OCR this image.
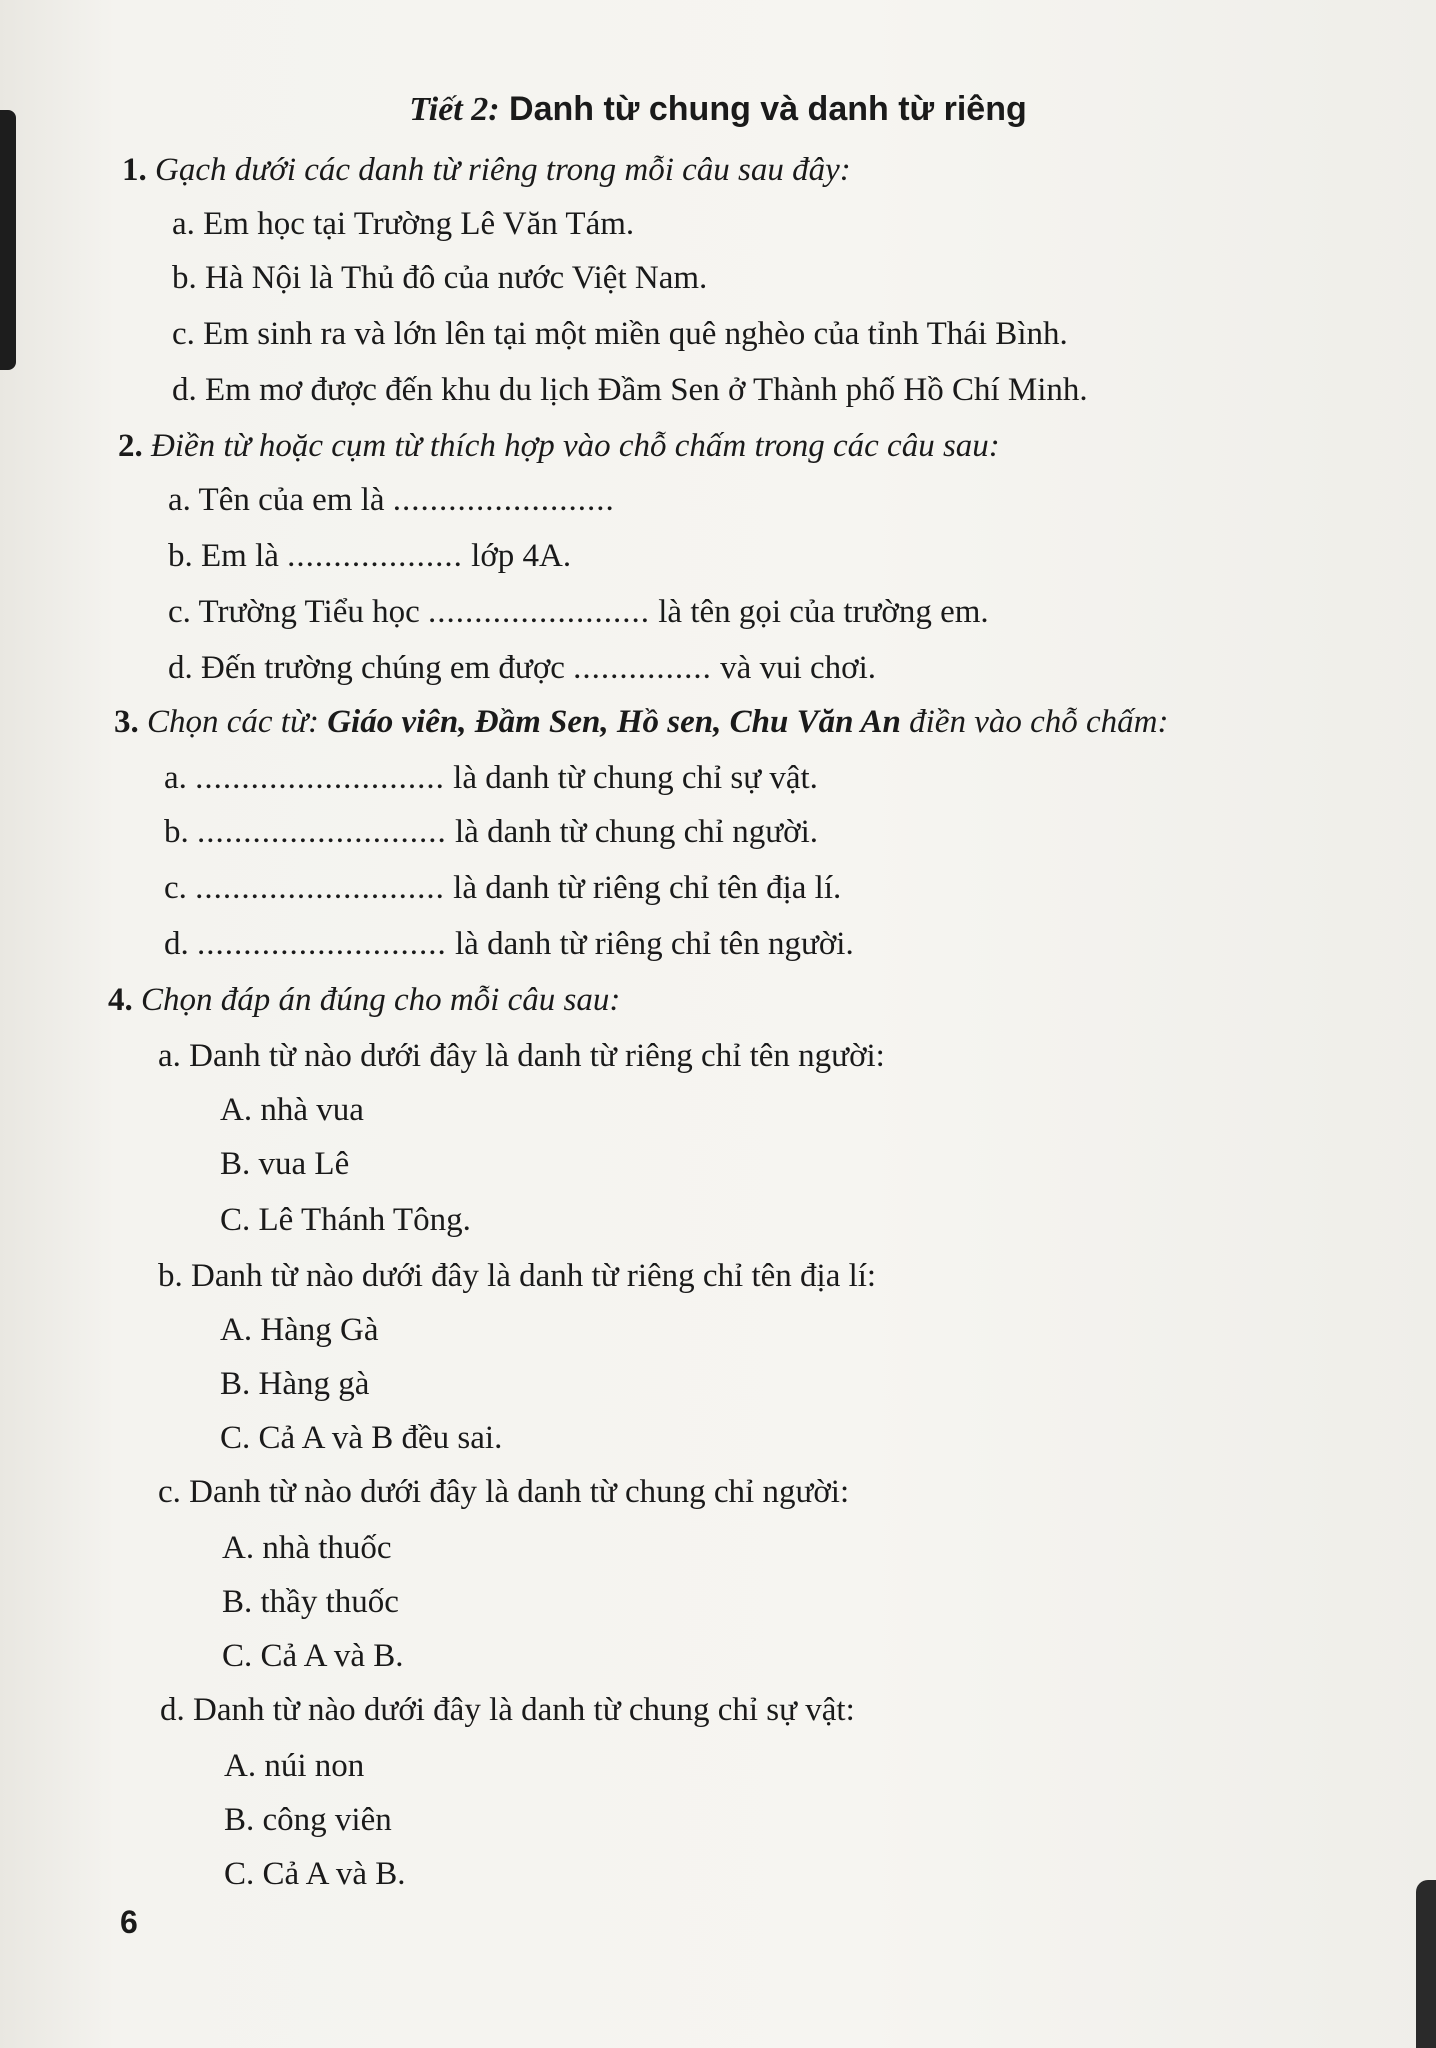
Tiết 2: Danh từ chung và danh từ riêng
1. Gạch dưới các danh từ riêng trong mỗi câu sau đây:
a. Em học tại Trường Lê Văn Tám.
b. Hà Nội là Thủ đô của nước Việt Nam.
c. Em sinh ra và lớn lên tại một miền quê nghèo của tỉnh Thái Bình.
d. Em mơ được đến khu du lịch Đầm Sen ở Thành phố Hồ Chí Minh.
2. Điền từ hoặc cụm từ thích hợp vào chỗ chấm trong các câu sau:
a. Tên của em là ........................
b. Em là ................... lớp 4A.
c. Trường Tiểu học ........................ là tên gọi của trường em.
d. Đến trường chúng em được ............... và vui chơi.
3. Chọn các từ: Giáo viên, Đầm Sen, Hồ sen, Chu Văn An điền vào chỗ chấm:
a. ........................... là danh từ chung chỉ sự vật.
b. ........................... là danh từ chung chỉ người.
c. ........................... là danh từ riêng chỉ tên địa lí.
d. ........................... là danh từ riêng chỉ tên người.
4. Chọn đáp án đúng cho mỗi câu sau:
a. Danh từ nào dưới đây là danh từ riêng chỉ tên người:
A. nhà vua
B. vua Lê
C. Lê Thánh Tông.
b. Danh từ nào dưới đây là danh từ riêng chỉ tên địa lí:
A. Hàng Gà
B. Hàng gà
C. Cả A và B đều sai.
c. Danh từ nào dưới đây là danh từ chung chỉ người:
A. nhà thuốc
B. thầy thuốc
C. Cả A và B.
d. Danh từ nào dưới đây là danh từ chung chỉ sự vật:
A. núi non
B. công viên
C. Cả A và B.
6
